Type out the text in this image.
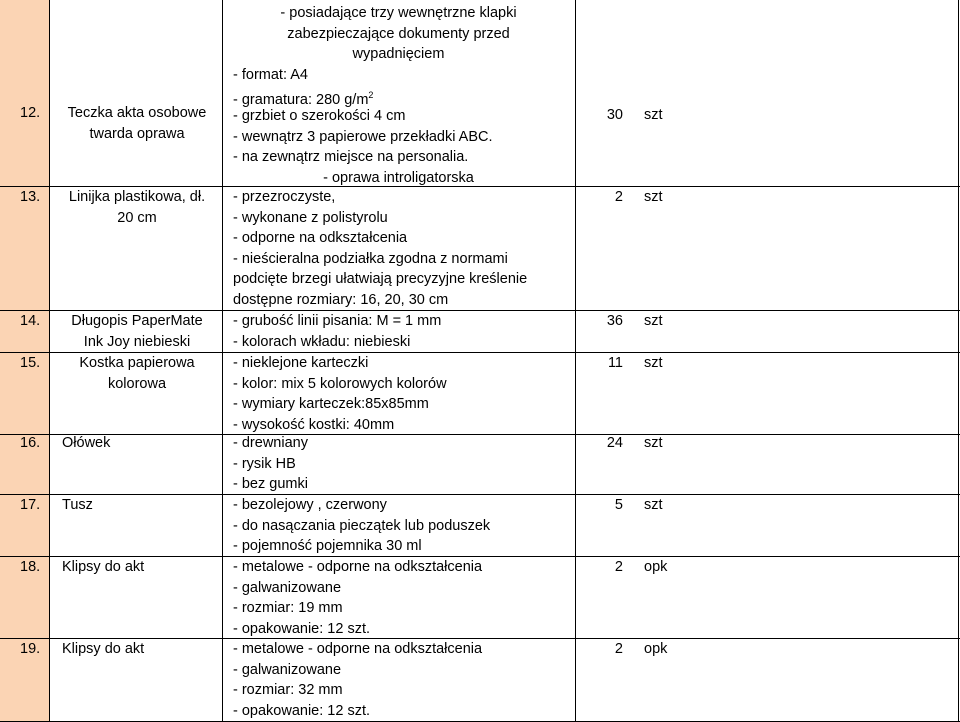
12.	Teczka akta osobowe
twarda oprawa
- posiadające trzy wewnętrzne klapki
zabezpieczające dokumenty przed
wypadnięciem
- format: A4
- gramatura: 280 $g/m^2$
- grzbiet o szerokości 4 cm
- wewnątrz 3 papierowe przekładki ABC.
- na zewnątrz miejsce na personalia.
- oprawa introligatorska
30 szt
13.	Linijka plastikowa, dł.
20 cm
- przezroczyste,
- wykonane z polistyrolu
- odporne na odkształcenia
- nieścieralna podziałka zgodna z normami
podcięte brzegi ułatwiają precyzyjne kreślenie
dostępne rozmiary: 16, 20, 30 cm
2 szt
14.	Długopis PaperMate
Ink Joy niebieski
- grubość linii pisania: M = 1 mm
- kolorach wkładu: niebieski
36 szt
15.	Kostka papierowa
kolorowa
- nieklejone karteczki
- kolor: mix 5 kolorowych kolorów
- wymiary karteczek:85x85mm
- wysokość kostki: 40mm
11 szt
16. Ołówek	- drewniany
- rysik HB
- bez gumki
24 szt
17. Tusz	- bezolejowy , czerwony
- do nasączania pieczątek lub poduszek
- pojemność pojemnika 30 ml
5 szt
18. Klipsy do akt	- metalowe - odporne na odkształcenia
- galwanizowane
- rozmiar: 19 mm
- opakowanie: 12 szt.
2 opk
19. Klipsy do akt	- metalowe - odporne na odkształcenia
- galwanizowane
- rozmiar: 32 mm
- opakowanie: 12 szt.
2 opk
